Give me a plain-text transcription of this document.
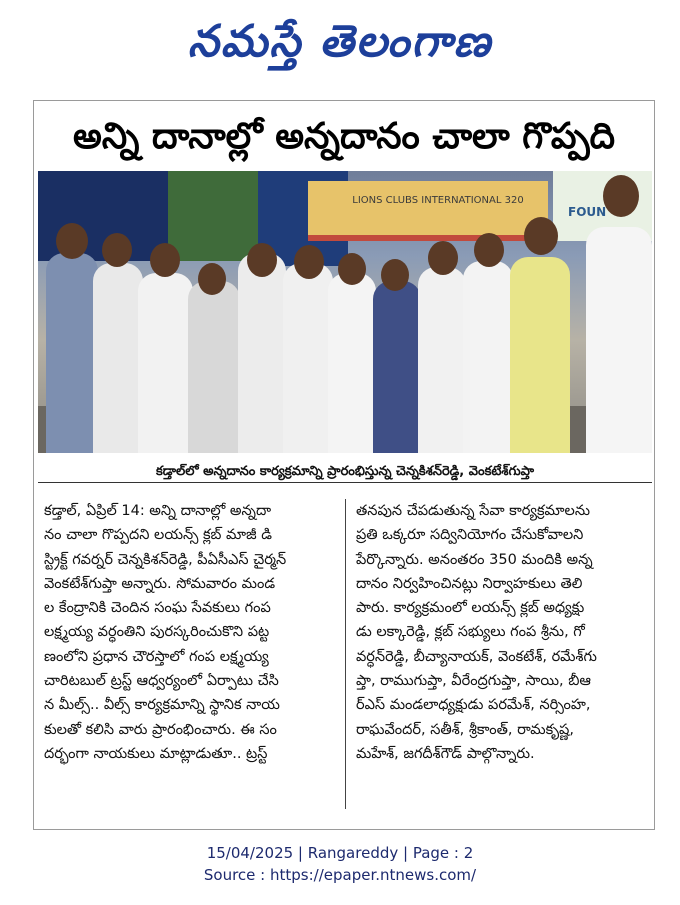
నమస్తే తెలంగాణ
అన్ని దానాల్లో అన్నదానం చాలా గొప్పది
LIONS CLUBS INTERNATIONAL 320
FOUN
కడ్తాల్‌లో అన్నదానం కార్యక్రమాన్ని ప్రారంభిస్తున్న చెన్నకిశన్‌రెడ్డి, వెంకటేశ్‌గుప్తా
కడ్తాల్, ఏప్రిల్ 14: అన్ని దానాల్లో అన్నదా
నం చాలా గొప్పదని లయన్స్ క్లబ్ మాజీ డి
స్ట్రిక్ట్ గవర్నర్ చెన్నకిశన్‌రెడ్డి, పీఏసీఎస్ చైర్మన్
వెంకటేశ్‌గుప్తా అన్నారు. సోమవారం మండ
ల కేంద్రానికి చెందిన సంఘ సేవకులు గంప
లక్ష్మయ్య వర్ధంతిని పురస్కరించుకొని పట్ట
ణంలోని ప్రధాన చౌరస్తాలో గంప లక్ష్మయ్య
చారిటబుల్ ట్రస్ట్ ఆధ్వర్యంలో ఏర్పాటు చేసి
న మీల్స్.. వీల్స్ కార్యక్రమాన్ని స్థానిక నాయ
కులతో కలిసి వారు ప్రారంభించారు. ఈ సం
దర్భంగా నాయకులు మాట్లాడుతూ.. ట్రస్ట్
తనపున చేపడుతున్న సేవా కార్యక్రమాలను
ప్రతి ఒక్కరూ సద్వినియోగం చేసుకోవాలని
పేర్కొన్నారు. అనంతరం 350 మందికి అన్న
దానం నిర్వహించినట్లు నిర్వాహకులు తెలి
పారు. కార్యక్రమంలో లయన్స్ క్లబ్ అధ్యక్షు
డు లక్కారెడ్డి, క్లబ్ సభ్యులు గంప శ్రీను, గో
వర్ధన్‌రెడ్డి, బీచ్యానాయక్, వెంకటేశ్, రమేశ్‌గు
ప్తా, రాముగుప్తా, వీరేంద్రగుప్తా, సాయి, బీఆ
ర్ఎస్ మండలాధ్యక్షుడు పరమేశ్, నర్సింహ,
రాఘవేందర్, సతీశ్, శ్రీకాంత్, రామకృష్ణ,
మహేశ్, జగదీశ్‌గౌడ్ పాల్గొన్నారు.
15/04/2025 | Rangareddy | Page : 2
Source : https://epaper.ntnews.com/
